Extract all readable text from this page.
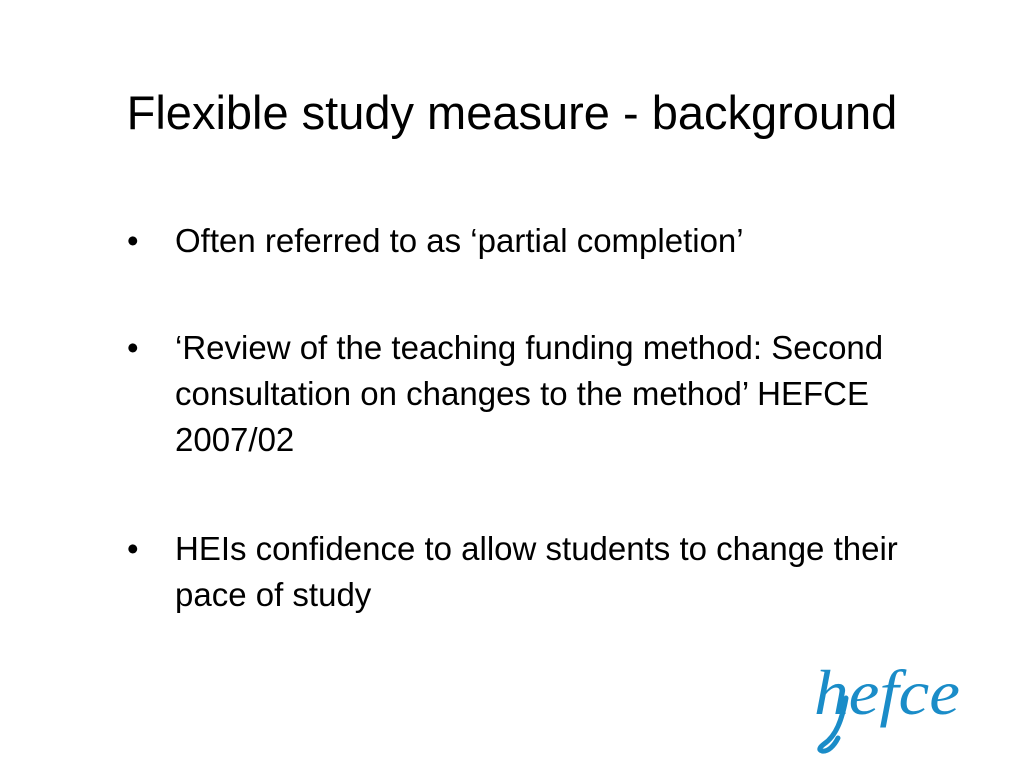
Flexible study measure - background
•	Often referred to as ‘partial completion’
•	‘Review of the teaching funding method: Second consultation on changes to the method’ HEFCE 2007/02
•	HEIs confidence to allow students to change their pace of study
hefce
